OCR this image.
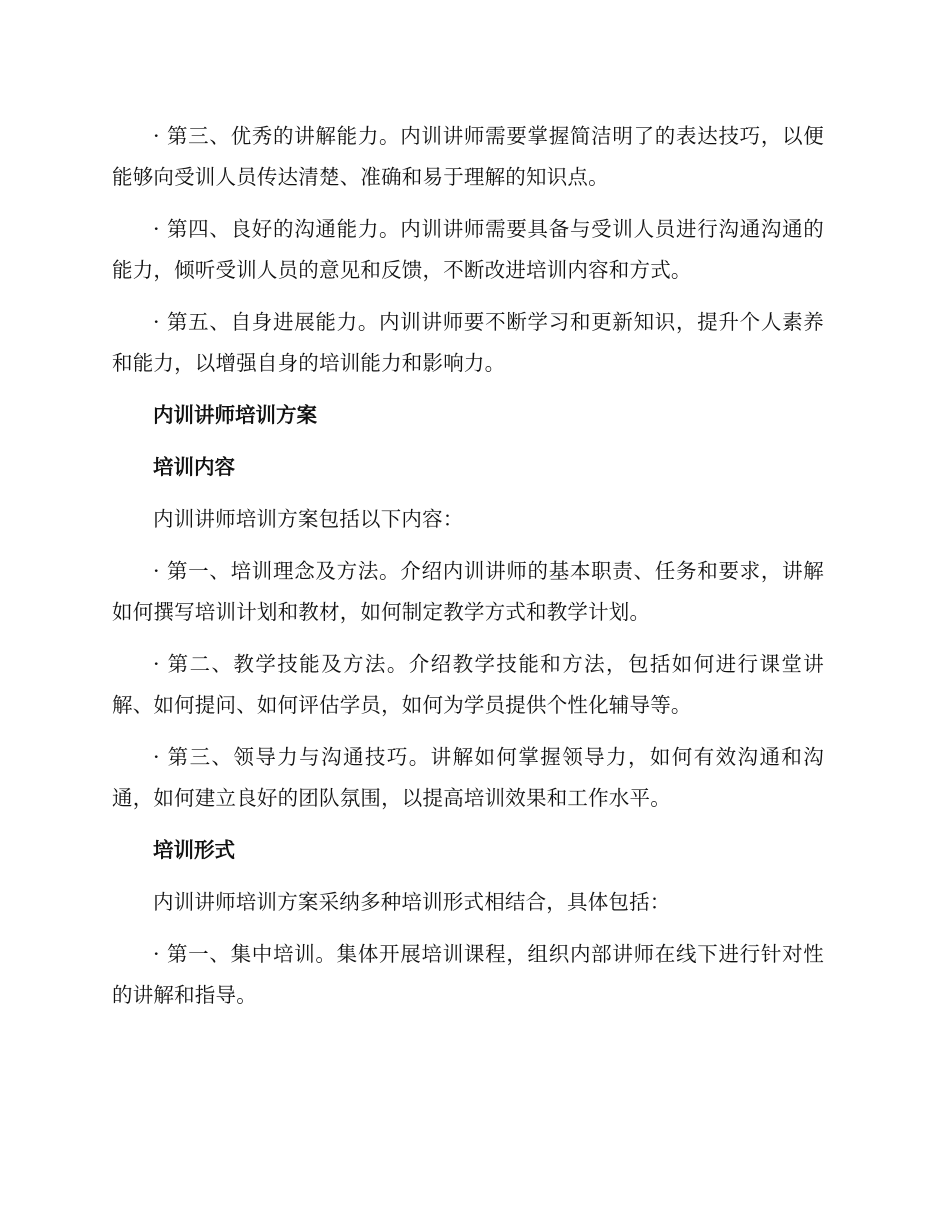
· 第三、优秀的讲解能力。内训讲师需要掌握简洁明了的表达技巧，以便能够向受训人员传达清楚、准确和易于理解的知识点。

· 第四、良好的沟通能力。内训讲师需要具备与受训人员进行沟通沟通的能力，倾听受训人员的意见和反馈，不断改进培训内容和方式。

· 第五、自身进展能力。内训讲师要不断学习和更新知识，提升个人素养和能力，以增强自身的培训能力和影响力。

内训讲师培训方案
培训内容

内训讲师培训方案包括以下内容：

· 第一、培训理念及方法。介绍内训讲师的基本职责、任务和要求，讲解如何撰写培训计划和教材，如何制定教学方式和教学计划。

· 第二、教学技能及方法。介绍教学技能和方法，包括如何进行课堂讲解、如何提问、如何评估学员，如何为学员提供个性化辅导等。

· 第三、领导力与沟通技巧。讲解如何掌握领导力，如何有效沟通和沟通，如何建立良好的团队氛围，以提高培训效果和工作水平。

培训形式

内训讲师培训方案采纳多种培训形式相结合，具体包括：

· 第一、集中培训。集体开展培训课程，组织内部讲师在线下进行针对性的讲解和指导。
